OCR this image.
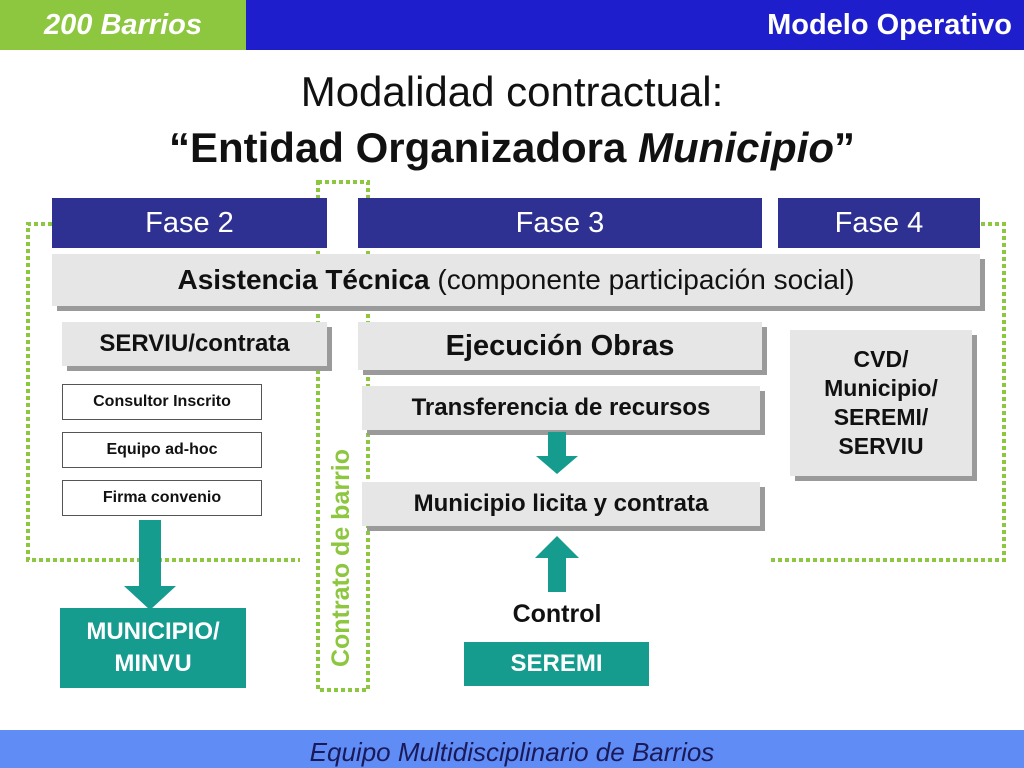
200 Barrios	Modelo Operativo
Modalidad contractual:
“Entidad Organizadora Municipio”
Fase 2	Fase 3	Fase 4
Asistencia Técnica (componente participación social)
SERVIU/contrata
Consultor Inscrito
Equipo ad-hoc
Firma convenio
MUNICIPIO/
MINVU	Contrato de barrio
Ejecución Obras
Transferencia de recursos
Municipio licita y contrata
Control
SEREMI
CVD/
Municipio/
SEREMI/
SERVIU
Equipo Multidisciplinario de Barrios
